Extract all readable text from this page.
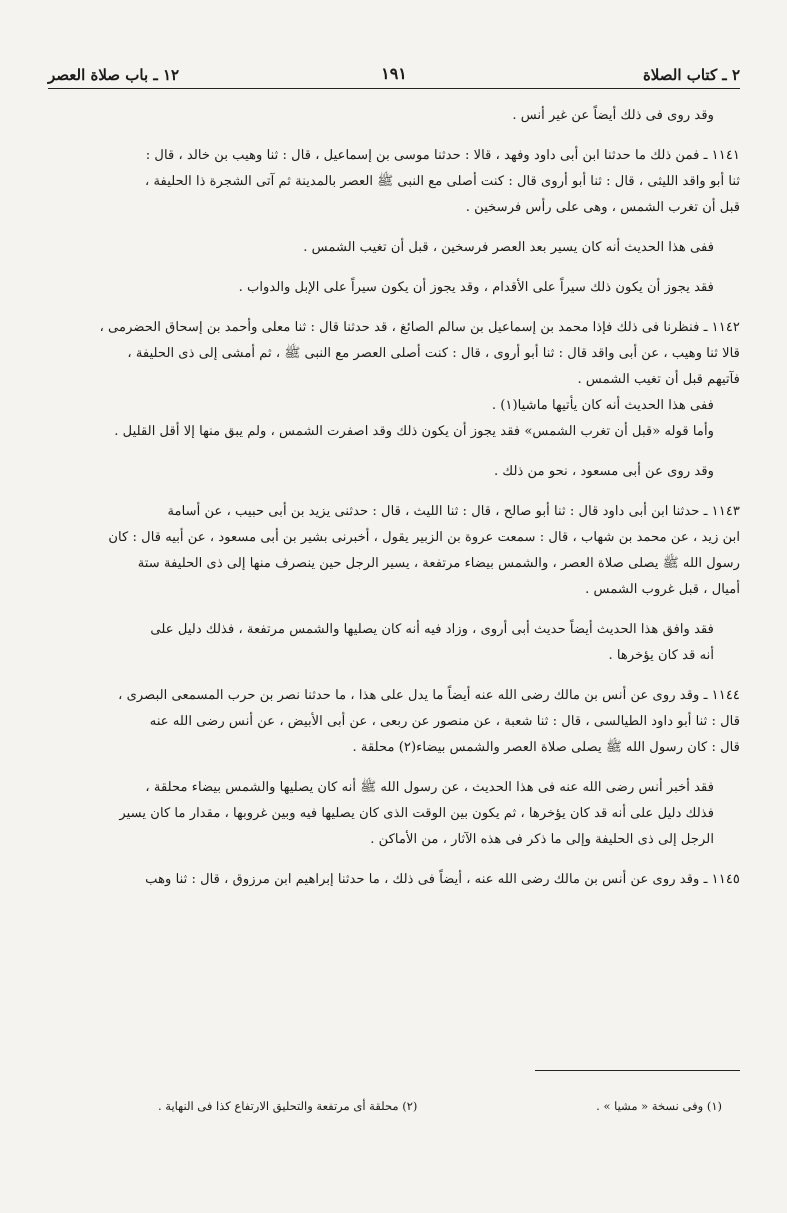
٢ ـ كتاب الصلاة
١٩١
١٢ ـ باب صلاة العصر
وقد روى فى ذلك أيضاً عن غير أنس .
١١٤١ ـ فمن ذلك ما حدثنا ابن أبى داود وفهد ، قالا : حدثنا موسى بن إسماعيل ، قال : ثنا وهيب بن خالد ، قال :
ثنا أبو واقد الليثى ، قال : ثنا أبو أروى قال : كنت أصلى مع النبى ﷺ العصر بالمدينة ثم آتى الشجرة ذا الحليفة ،
قبل أن تغرب الشمس ، وهى على رأس فرسخين .
ففى هذا الحديث أنه كان يسير بعد العصر فرسخين ، قبل أن تغيب الشمس .
فقد يجوز أن يكون ذلك سيراً على الأقدام ، وقد يجوز أن يكون سيراً على الإبل والدواب .
١١٤٢ ـ فنظرنا فى ذلك فإذا محمد بن إسماعيل بن سالم الصائغ ، قد حدثنا قال : ثنا معلى وأحمد بن إسحاق الحضرمى ،
قالا ثنا وهيب ، عن أبى واقد قال : ثنا أبو أروى ، قال : كنت أصلى العصر مع النبى ﷺ ، ثم أمشى إلى ذى الحليفة ،
فآتيهم قبل أن تغيب الشمس .
ففى هذا الحديث أنه كان يأتيها ماشيا(١) .
وأما قوله «قبل أن تغرب الشمس» فقد يجوز أن يكون ذلك وقد اصفرت الشمس ، ولم يبق منها إلا أقل القليل .
وقد روى عن أبى مسعود ، نحو من ذلك .
١١٤٣ ـ حدثنا ابن أبى داود قال : ثنا أبو صالح ، قال : ثنا الليث ، قال : حدثنى يزيد بن أبى حبيب ، عن أسامة
ابن زيد ، عن محمد بن شهاب ، قال : سمعت عروة بن الزبير يقول ، أخبرنى بشير بن أبى مسعود ، عن أبيه قال : كان
رسول الله ﷺ يصلى صلاة العصر ، والشمس بيضاء مرتفعة ، يسير الرجل حين ينصرف منها إلى ذى الحليفة ستة
أميال ، قبل غروب الشمس .
فقد وافق هذا الحديث أيضاً حديث أبى أروى ، وزاد فيه أنه كان يصليها والشمس مرتفعة ، فذلك دليل على
أنه قد كان يؤخرها .
١١٤٤ ـ وقد روى عن أنس بن مالك رضى الله عنه أيضاً ما يدل على هذا ، ما حدثنا نصر بن حرب المسمعى البصرى ،
قال : ثنا أبو داود الطيالسى ، قال : ثنا شعبة ، عن منصور عن ربعى ، عن أبى الأبيض ، عن أنس رضى الله عنه
قال : كان رسول الله ﷺ يصلى صلاة العصر والشمس بيضاء(٢) محلقة .
فقد أخبر أنس رضى الله عنه فى هذا الحديث ، عن رسول الله ﷺ أنه كان يصليها والشمس بيضاء محلقة ،
فذلك دليل على أنه قد كان يؤخرها ، ثم يكون بين الوقت الذى كان يصليها فيه وبين غروبها ، مقدار ما كان يسير
الرجل إلى ذى الحليفة وإلى ما ذكر فى هذه الآثار ، من الأماكن .
١١٤٥ ـ وقد روى عن أنس بن مالك رضى الله عنه ، أيضاً فى ذلك ، ما حدثنا إبراهيم ابن مرزوق ، قال : ثنا وهب
(١) وفى نسخة « مشيا » .
(٢) محلقة أى مرتفعة والتحليق الارتفاع كذا فى النهاية .
